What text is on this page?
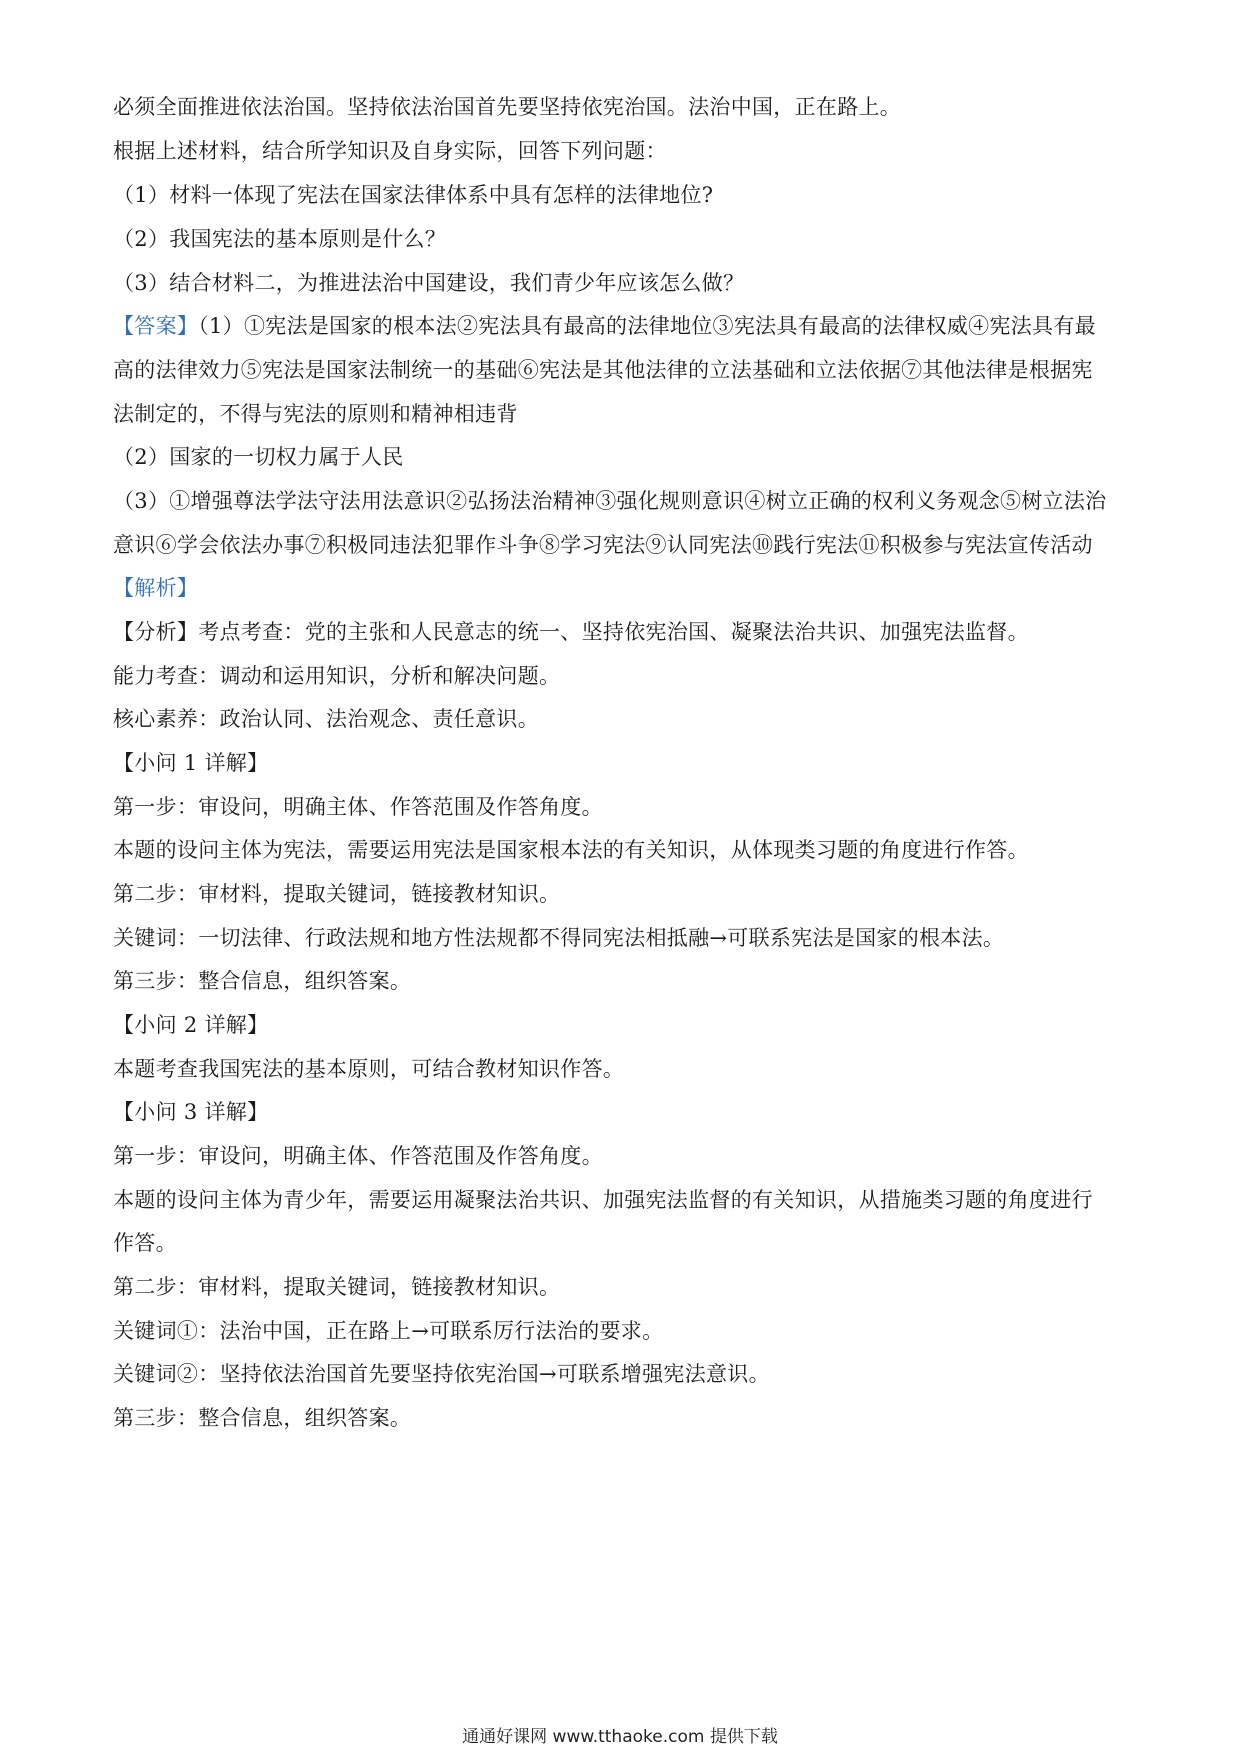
必须全面推进依法治国。坚持依法治国首先要坚持依宪治国。法治中国，正在路上。
根据上述材料，结合所学知识及自身实际，回答下列问题：
（1）材料一体现了宪法在国家法律体系中具有怎样的法律地位?
（2）我国宪法的基本原则是什么？
（3）结合材料二，为推进法治中国建设，我们青少年应该怎么做？
【答案】（1）①宪法是国家的根本法②宪法具有最高的法律地位③宪法具有最高的法律权威④宪法具有最
高的法律效力⑤宪法是国家法制统一的基础⑥宪法是其他法律的立法基础和立法依据⑦其他法律是根据宪
法制定的，不得与宪法的原则和精神相违背
（2）国家的一切权力属于人民
（3）①增强尊法学法守法用法意识②弘扬法治精神③强化规则意识④树立正确的权利义务观念⑤树立法治
意识⑥学会依法办事⑦积极同违法犯罪作斗争⑧学习宪法⑨认同宪法⑩践行宪法⑪积极参与宪法宣传活动
【解析】
【分析】考点考查：党的主张和人民意志的统一、坚持依宪治国、凝聚法治共识、加强宪法监督。
能力考查：调动和运用知识，分析和解决问题。
核心素养：政治认同、法治观念、责任意识。
【小问 1 详解】
第一步：审设问，明确主体、作答范围及作答角度。
本题的设问主体为宪法，需要运用宪法是国家根本法的有关知识，从体现类习题的角度进行作答。
第二步：审材料，提取关键词，链接教材知识。
关键词：一切法律、行政法规和地方性法规都不得同宪法相抵融→可联系宪法是国家的根本法。
第三步：整合信息，组织答案。
【小问 2 详解】
本题考查我国宪法的基本原则，可结合教材知识作答。
【小问 3 详解】
第一步：审设问，明确主体、作答范围及作答角度。
本题的设问主体为青少年，需要运用凝聚法治共识、加强宪法监督的有关知识，从措施类习题的角度进行
作答。
第二步：审材料，提取关键词，链接教材知识。
关键词①：法治中国，正在路上→可联系厉行法治的要求。
关键词②：坚持依法治国首先要坚持依宪治国→可联系增强宪法意识。
第三步：整合信息，组织答案。
通通好课网 www.tthaoke.com 提供下载
